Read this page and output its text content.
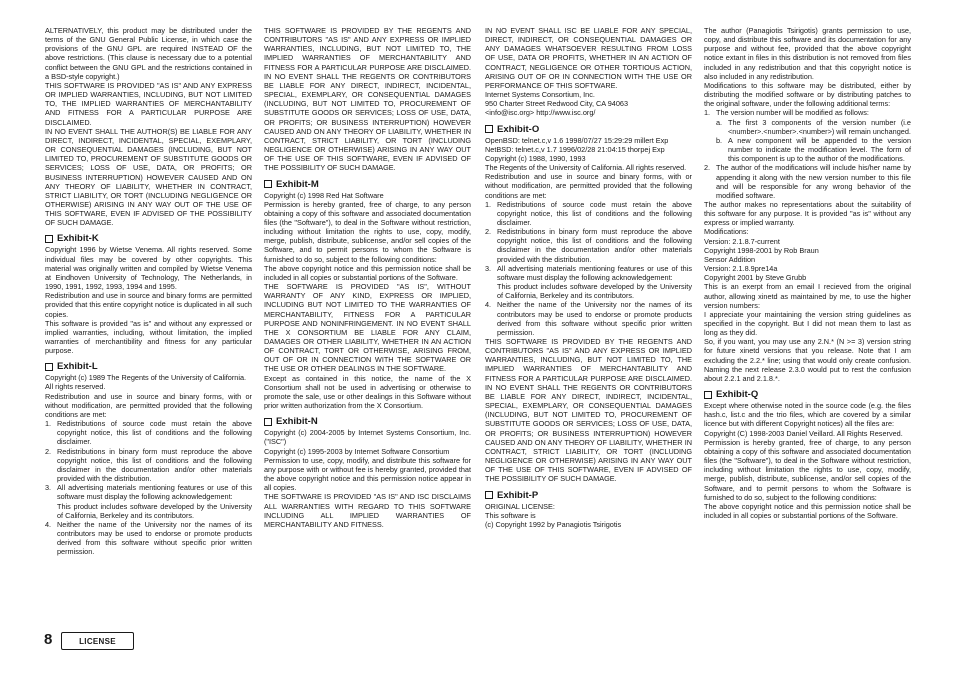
ALTERNATIVELY, this product may be distributed under the terms of the GNU General Public License, in which case the provisions of the GNU GPL are required INSTEAD OF the above restrictions. (This clause is necessary due to a potential conflict between the GNU GPL and the restrictions contained in a BSD-style copyright.)

THIS SOFTWARE IS PROVIDED "AS IS" AND ANY EXPRESS OR IMPLIED WARRANTIES, INCLUDING, BUT NOT LIMITED TO, THE IMPLIED WARRANTIES OF MERCHANTABILITY AND FITNESS FOR A PARTICULAR PURPOSE ARE DISCLAIMED.

IN NO EVENT SHALL THE AUTHOR(S) BE LIABLE FOR ANY DIRECT, INDIRECT, INCIDENTAL, SPECIAL, EXEMPLARY, OR CONSEQUENTIAL DAMAGES (INCLUDING, BUT NOT LIMITED TO, PROCUREMENT OF SUBSTITUTE GOODS OR SERVICES; LOSS OF USE, DATA, OR PROFITS; OR BUSINESS INTERRUPTION) HOWEVER CAUSED AND ON ANY THEORY OF LIABILITY, WHETHER IN CONTRACT, STRICT LIABILITY, OR TORT (INCLUDING NEGLIGENCE OR OTHERWISE) ARISING IN ANY WAY OUT OF THE USE OF THIS SOFTWARE, EVEN IF ADVISED OF THE POSSIBILITY OF SUCH DAMAGE.

Exhibit-K

Copyright 1996 by Wietse Venema. All rights reserved. Some individual files may be covered by other copyrights. This material was originally written and compiled by Wietse Venema at Eindhoven University of Technology, The Netherlands, in 1990, 1991, 1992, 1993, 1994 and 1995.

Redistribution and use in source and binary forms are permitted provided that this entire copyright notice is duplicated in all such copies.

This software is provided "as is" and without any expressed or implied warranties, including, without limitation, the implied warranties of merchantibility and fitness for any particular purpose.

Exhibit-L

Copyright (c) 1989 The Regents of the University of California.

All rights reserved.

Redistribution and use in source and binary forms, with or without modification, are permitted provided that the following conditions are met:

1. Redistributions of source code must retain the above copyright notice, this list of conditions and the following disclaimer.
2. Redistributions in binary form must reproduce the above copyright notice, this list of conditions and the following disclaimer in the documentation and/or other materials provided with the distribution.
3. All advertising materials mentioning features or use of this software must display the following acknowledgement:
This product includes software developed by the University of California, Berkeley and its contributors.
4. Neither the name of the University nor the names of its contributors may be used to endorse or promote products derived from this software without specific prior written permission.

THIS SOFTWARE IS PROVIDED BY THE REGENTS AND CONTRIBUTORS "AS IS" AND ANY EXPRESS OR IMPLIED WARRANTIES, INCLUDING, BUT NOT LIMITED TO, THE IMPLIED WARRANTIES OF MERCHANTABILITY AND FITNESS FOR A PARTICULAR PURPOSE ARE DISCLAIMED. IN NO EVENT SHALL THE REGENTS OR CONTRIBUTORS BE LIABLE FOR ANY DIRECT, INDIRECT, INCIDENTAL, SPECIAL, EXEMPLARY, OR CONSEQUENTIAL DAMAGES (INCLUDING, BUT NOT LIMITED TO, PROCUREMENT OF SUBSTITUTE GOODS OR SERVICES; LOSS OF USE, DATA, OR PROFITS; OR BUSINESS INTERRUPTION) HOWEVER CAUSED AND ON ANY THEORY OF LIABILITY, WHETHER IN CONTRACT, STRICT LIABILITY, OR TORT (INCLUDING NEGLIGENCE OR OTHERWISE) ARISING IN ANY WAY OUT OF THE USE OF THIS SOFTWARE, EVEN IF ADVISED OF THE POSSIBILITY OF SUCH DAMAGE.

Exhibit-M

Copyright (c) 1998 Red Hat Software

Permission is hereby granted, free of charge, to any person obtaining a copy of this software and associated documentation files (the "Software"), to deal in the Software without restriction, including without limitation the rights to use, copy, modify, merge, publish, distribute, sublicense, and/or sell copies of the Software, and to permit persons to whom the Software is furnished to do so, subject to the following conditions:

The above copyright notice and this permission notice shall be included in all copies or substantial portions of the Software.

THE SOFTWARE IS PROVIDED "AS IS", WITHOUT WARRANTY OF ANY KIND, EXPRESS OR IMPLIED, INCLUDING BUT NOT LIMITED TO THE WARRANTIES OF MERCHANTABILITY, FITNESS FOR A PARTICULAR PURPOSE AND NONINFRINGEMENT. IN NO EVENT SHALL THE X CONSORTIUM BE LIABLE FOR ANY CLAIM, DAMAGES OR OTHER LIABILITY, WHETHER IN AN ACTION OF CONTRACT, TORT OR OTHERWISE, ARISING FROM, OUT OF OR IN CONNECTION WITH THE SOFTWARE OR THE USE OR OTHER DEALINGS IN THE SOFTWARE.

Except as contained in this notice, the name of the X Consortium shall not be used in advertising or otherwise to promote the sale, use or other dealings in this Software without prior written authorization from the X Consortium.

Exhibit-N

Copyright (c) 2004-2005 by Internet Systems Consortium, Inc. ("ISC")

Copyright (c) 1995-2003 by Internet Software Consortium

Permission to use, copy, modify, and distribute this software for any purpose with or without fee is hereby granted, provided that the above copyright notice and this permission notice appear in all copies.

THE SOFTWARE IS PROVIDED "AS IS" AND ISC DISCLAIMS ALL WARRANTIES WITH REGARD TO THIS SOFTWARE INCLUDING ALL IMPLIED WARRANTIES OF MERCHANTABILITY AND FITNESS.

IN NO EVENT SHALL ISC BE LIABLE FOR ANY SPECIAL, DIRECT, INDIRECT, OR CONSEQUENTIAL DAMAGES OR ANY DAMAGES WHATSOEVER RESULTING FROM LOSS OF USE, DATA OR PROFITS, WHETHER IN AN ACTION OF CONTRACT, NEGLIGENCE OR OTHER TORTIOUS ACTION, ARISING OUT OF OR IN CONNECTION WITH THE USE OR PERFORMANCE OF THIS SOFTWARE.

Internet Systems Consortium, Inc.

950 Charter Street Redwood City, CA 94063

<info@isc.org> http://www.isc.org/

Exhibit-O

OpenBSD: telnet.c,v 1.6 1998/07/27 15:29:29 millert Exp

NetBSD: telnet.c,v 1.7 1996/02/28 21:04:15 thorpej Exp

Copyright (c) 1988, 1990, 1993

The Regents of the University of California. All rights reserved.

Redistribution and use in source and binary forms, with or without modification, are permitted provided that the following conditions are met:

1. Redistributions of source code must retain the above copyright notice, this list of conditions and the following disclaimer.
2. Redistributions in binary form must reproduce the above copyright notice, this list of conditions and the following disclaimer in the documentation and/or other materials provided with the distribution.
3. All advertising materials mentioning features or use of this software must display the following acknowledgement:
This product includes software developed by the University of California, Berkeley and its contributors.
4. Neither the name of the University nor the names of its contributors may be used to endorse or promote products derived from this software without specific prior written permission.

THIS SOFTWARE IS PROVIDED BY THE REGENTS AND CONTRIBUTORS "AS IS" AND ANY EXPRESS OR IMPLIED WARRANTIES, INCLUDING, BUT NOT LIMITED TO, THE IMPLIED WARRANTIES OF MERCHANTABILITY AND FITNESS FOR A PARTICULAR PURPOSE ARE DISCLAIMED. IN NO EVENT SHALL THE REGENTS OR CONTRIBUTORS BE LIABLE FOR ANY DIRECT, INDIRECT, INCIDENTAL, SPECIAL, EXEMPLARY, OR CONSEQUENTIAL DAMAGES (INCLUDING, BUT NOT LIMITED TO, PROCUREMENT OF SUBSTITUTE GOODS OR SERVICES; LOSS OF USE, DATA, OR PROFITS; OR BUSINESS INTERRUPTION) HOWEVER CAUSED AND ON ANY THEORY OF LIABILITY, WHETHER IN CONTRACT, STRICT LIABILITY, OR TORT (INCLUDING NEGLIGENCE OR OTHERWISE) ARISING IN ANY WAY OUT OF THE USE OF THIS SOFTWARE, EVEN IF ADVISED OF THE POSSIBILITY OF SUCH DAMAGE.

Exhibit-P

ORIGINAL LICENSE:

This software is

(c) Copyright 1992 by Panagiotis Tsirigotis

The author (Panagiotis Tsirigotis) grants permission to use, copy, and distribute this software and its documentation for any purpose and without fee, provided that the above copyright notice extant in files in this distribution is not removed from files included in any redistribution and that this copyright notice is also included in any redistribution.

Modifications to this software may be distributed, either by distributing the modified software or by distributing patches to the original software, under the following additional terms:

1. The version number will be modified as follows:
a. The first 3 components of the version number (i.e <number>.<number>.<number>) will remain unchanged.
b. A new component will be appended to the version number to indicate the modification level. The form of this component is up to the author of the modifications.
2. The author of the modifications will include his/her name by appending it along with the new version number to this file and will be responsible for any wrong behavior of the modified software.

The author makes no representations about the suitability of this software for any purpose. It is provided "as is" without any express or implied warranty.

Modifications:

Version: 2.1.8.7-current

Copyright 1998-2001 by Rob Braun

Sensor Addition

Version: 2.1.8.9pre14a

Copyright 2001 by Steve Grubb

This is an exerpt from an email I recieved from the original author, allowing xinetd as maintained by me, to use the higher version numbers:

I appreciate your maintaining the version string guidelines as specified in the copyright. But I did not mean them to last as long as they did.

So, if you want, you may use any 2.N.* (N >= 3) version string for future xinetd versions that you release. Note that I am excluding the 2.2.* line; using that would only create confusion. Naming the next release 2.3.0 would put to rest the confusion about 2.2.1 and 2.1.8.*.

Exhibit-Q

Except where otherwise noted in the source code (e.g. the files hash.c, list.c and the trio files, which are covered by a similar licence but with different Copyright notices) all the files are:

Copyright (C) 1998-2003 Daniel Veillard. All Rights Reserved.

Permission is hereby granted, free of charge, to any person obtaining a copy of this software and associated documentation files (the "Software"), to deal in the Software without restriction, including without limitation the rights to use, copy, modify, merge, publish, distribute, sublicense, and/or sell copies of the Software, and to permit persons to whom the Software is furnished to do so, subject to the following conditions:

The above copyright notice and this permission notice shall be included in all copies or substantial portions of the Software.

8	LICENSE
